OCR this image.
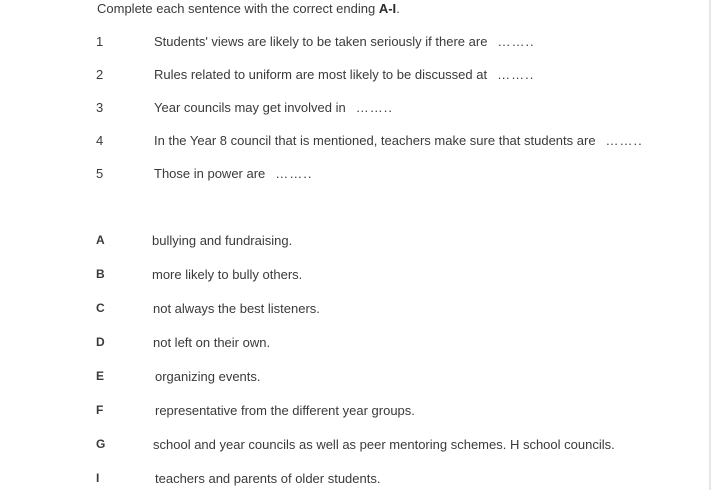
Complete each sentence with the correct ending A-I.
1	Students' views are likely to be taken seriously if there are ……..
2	Rules related to uniform are most likely to be discussed at ……..
3	Year councils may get involved in ……..
4	In the Year 8 council that is mentioned, teachers make sure that students are ……..
5	Those in power are ……..
A	bullying and fundraising.
B	more likely to bully others.
C	not always the best listeners.
D	not left on their own.
E	organizing events.
F	representative from the different year groups.
G	school and year councils as well as peer mentoring schemes. H school councils.
I	teachers and parents of older students.
